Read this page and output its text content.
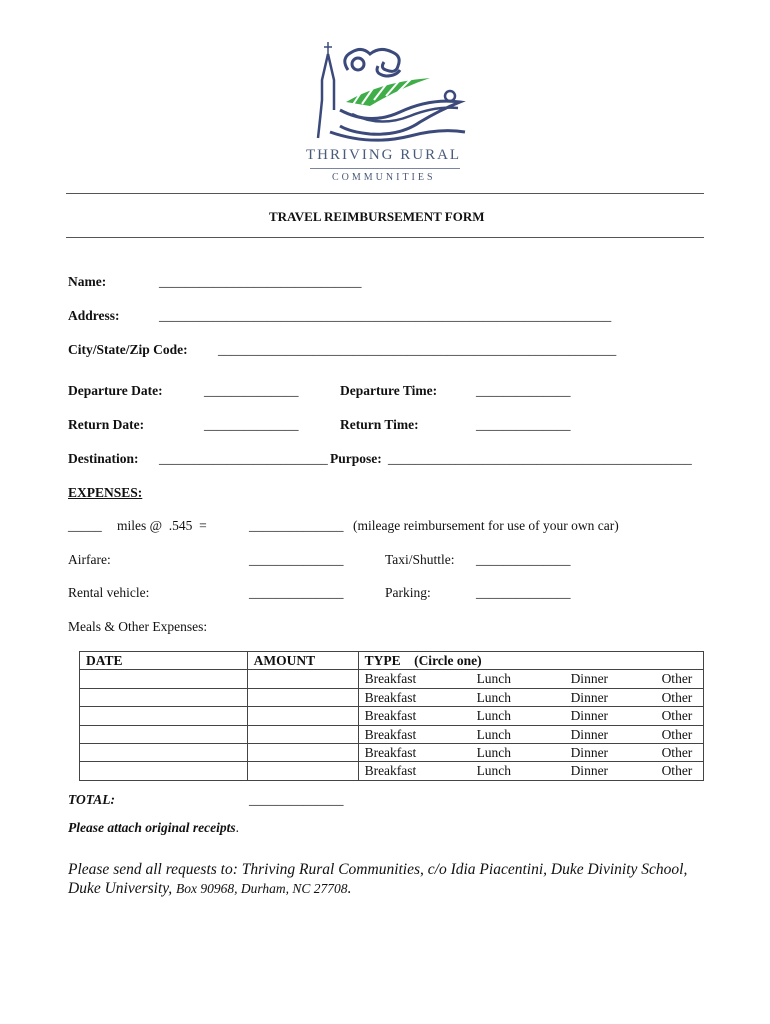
THRIVING RURAL
COMMUNITIES
TRAVEL REIMBURSEMENT FORM
Name:	______________________________
Address:	___________________________________________________________________
City/State/Zip Code: ___________________________________________________________
Departure Date:	______________	Departure Time:	______________
Return Date:	______________	Return Time:	______________
Destination: _________________________ Purpose: _____________________________________________
EXPENSES:
_____ miles @  .545  =	______________ (mileage reimbursement for use of your own car)
Airfare:	______________	Taxi/Shuttle: ______________
Rental vehicle:	______________	Parking:	______________
Meals & Other Expenses:
DATE	AMOUNT	TYPE    (Circle one)

		Breakfast Lunch Dinner Other

		Breakfast Lunch Dinner Other

		Breakfast Lunch Dinner Other

		Breakfast Lunch Dinner Other

		Breakfast Lunch Dinner Other

		Breakfast Lunch Dinner Other
TOTAL:	______________
Please attach original receipts.
Please send all requests to: Thriving Rural Communities, c/o Idia Piacentini, Duke Divinity School,
Duke University, Box 90968, Durham, NC 27708.
